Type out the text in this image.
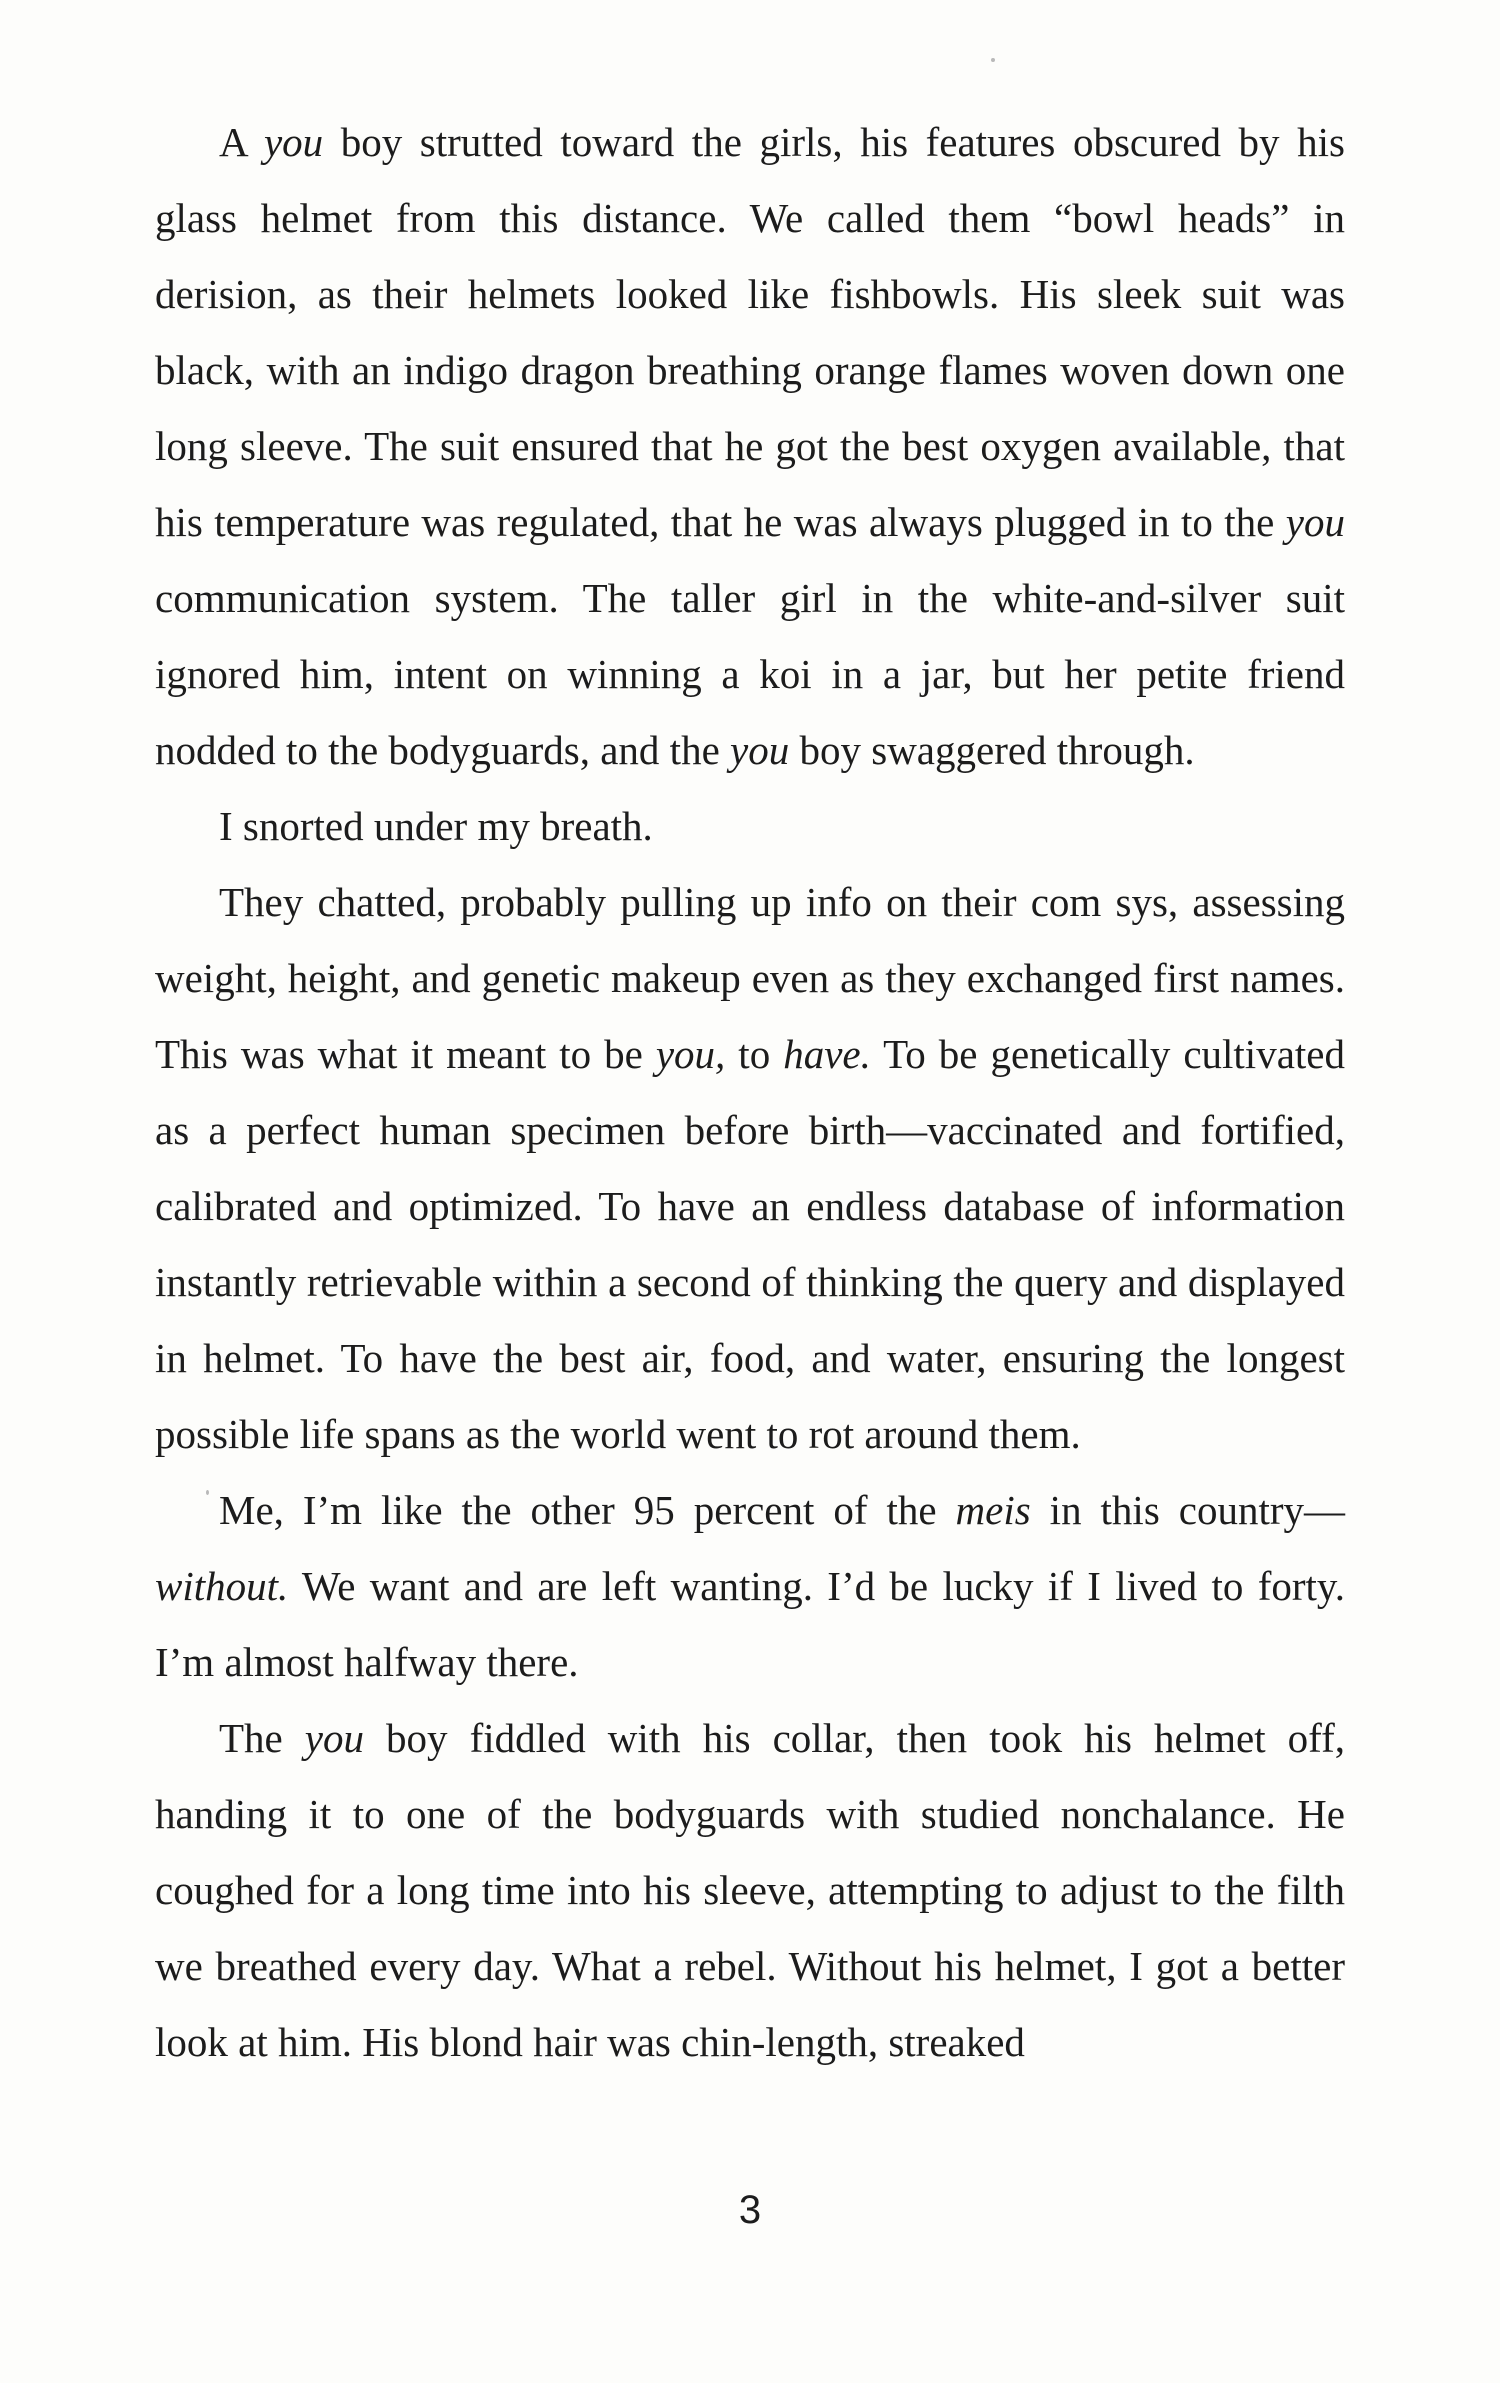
A you boy strutted toward the girls, his features obscured by his glass helmet from this distance. We called them “bowl heads” in derision, as their helmets looked like fishbowls. His sleek suit was black, with an indigo dragon breathing orange flames woven down one long sleeve. The suit ensured that he got the best oxygen available, that his temperature was regulated, that he was always plugged in to the you communication system. The taller girl in the white-and-silver suit ignored him, intent on winning a koi in a jar, but her petite friend nodded to the bodyguards, and the you boy swaggered through.

I snorted under my breath.

They chatted, probably pulling up info on their com sys, assessing weight, height, and genetic makeup even as they exchanged first names. This was what it meant to be you, to have. To be genetically cultivated as a perfect human specimen before birth—vaccinated and fortified, calibrated and optimized. To have an endless database of information instantly retrievable within a second of thinking the query and displayed in helmet. To have the best air, food, and water, ensuring the longest possible life spans as the world went to rot around them.

Me, I’m like the other 95 percent of the meis in this country—without. We want and are left wanting. I’d be lucky if I lived to forty. I’m almost halfway there.

The you boy fiddled with his collar, then took his helmet off, handing it to one of the bodyguards with studied nonchalance. He coughed for a long time into his sleeve, attempting to adjust to the filth we breathed every day. What a rebel. Without his helmet, I got a better look at him. His blond hair was chin-length, streaked

3
